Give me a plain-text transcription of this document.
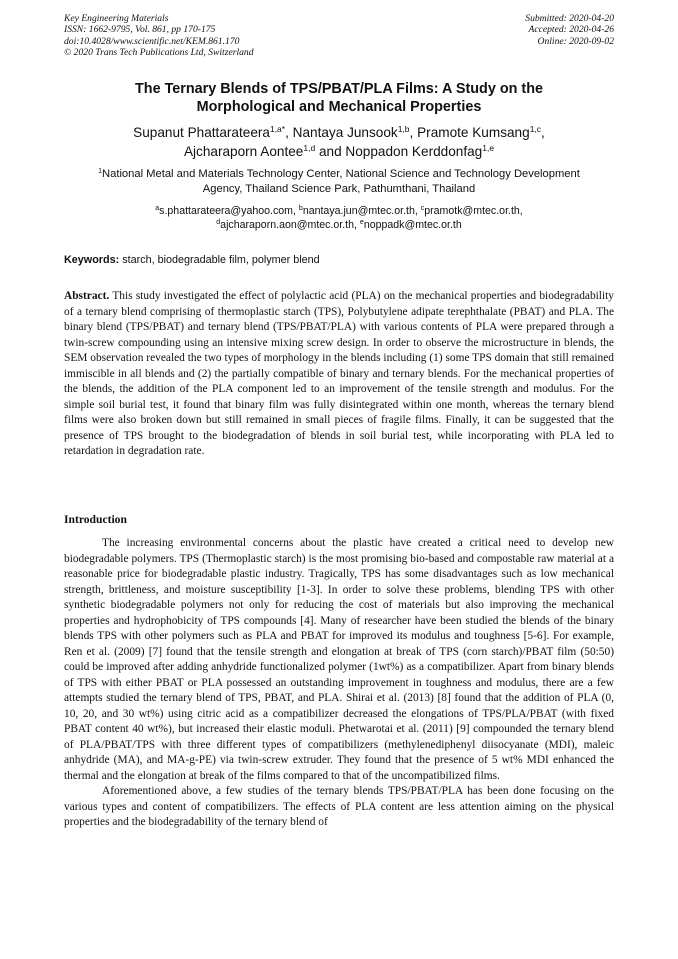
Key Engineering Materials
ISSN: 1662-9795, Vol. 861, pp 170-175
doi:10.4028/www.scientific.net/KEM.861.170
© 2020 Trans Tech Publications Ltd, Switzerland
Submitted: 2020-04-20
Accepted: 2020-04-26
Online: 2020-09-02
The Ternary Blends of TPS/PBAT/PLA Films: A Study on the
Morphological and Mechanical Properties
Supanut Phattarateera$^{1,a*}$, Nantaya Junsook$^{1,b}$, Pramote Kumsang$^{1,c}$,
Ajcharaporn Aontee$^{1,d}$ and Noppadon Kerddonfag$^{1,e}$
$^1$National Metal and Materials Technology Center, National Science and Technology Development
Agency, Thailand Science Park, Pathumthani, Thailand
$^a$s.phattarateera@yahoo.com, $^b$nantaya.jun@mtec.or.th, $^c$pramotk@mtec.or.th,
$^d$ajcharaporn.aon@mtec.or.th, $^e$noppadk@mtec.or.th
Keywords: starch, biodegradable film, polymer blend

Abstract. This study investigated the effect of polylactic acid (PLA) on the mechanical properties and biodegradability of a ternary blend comprising of thermoplastic starch (TPS), Polybutylene adipate terephthalate (PBAT) and PLA. The binary blend (TPS/PBAT) and ternary blend (TPS/PBAT/PLA) with various contents of PLA were prepared through a twin-screw compounding using an intensive mixing screw design. In order to observe the microstructure in blends, the SEM observation revealed the two types of morphology in the blends including (1) some TPS domain that still remained immiscible in all blends and (2) the partially compatible of binary and ternary blends. For the mechanical properties of the blends, the addition of the PLA component led to an improvement of the tensile strength and modulus. For the simple soil burial test, it found that binary film was fully disintegrated within one month, whereas the ternary blend films were also broken down but still remained in small pieces of fragile films. Finally, it can be suggested that the presence of TPS brought to the biodegradation of blends in soil burial test, while incorporating with PLA led to retardation in degradation rate.

Introduction

The increasing environmental concerns about the plastic have created a critical need to develop new biodegradable polymers. TPS (Thermoplastic starch) is the most promising bio-based and compostable raw material at a reasonable price for biodegradable plastic industry. Tragically, TPS has some disadvantages such as low mechanical strength, brittleness, and moisture susceptibility [1-3]. In order to solve these problems, blending TPS with other synthetic biodegradable polymers not only for reducing the cost of materials but also improving the mechanical properties and hydrophobicity of TPS compounds [4]. Many of researcher have been studied the blends of the binary blends TPS with other polymers such as PLA and PBAT for improved its modulus and toughness [5-6]. For example, Ren et al. (2009) [7] found that the tensile strength and elongation at break of TPS (corn starch)/PBAT film (50:50) could be improved after adding anhydride functionalized polymer (1wt%) as a compatibilizer. Apart from binary blends of TPS with either PBAT or PLA possessed an outstanding improvement in toughness and modulus, there are a few attempts studied the ternary blend of TPS, PBAT, and PLA. Shirai et al. (2013) [8] found that the addition of PLA (0, 10, 20, and 30 wt%) using citric acid as a compatibilizer decreased the elongations of TPS/PLA/PBAT (with fixed PBAT content 40 wt%), but increased their elastic moduli. Phetwarotai et al. (2011) [9] compounded the ternary blend of PLA/PBAT/TPS with three different types of compatibilizers (methylenediphenyl diisocyanate (MDI), maleic anhydride (MA), and MA-g-PE) via twin-screw extruder. They found that the presence of 5 wt% MDI enhanced the thermal and the elongation at break of the films compared to that of the uncompatibilized films.

Aforementioned above, a few studies of the ternary blends TPS/PBAT/PLA has been done focusing on the various types and content of compatibilizers. The effects of PLA content are less attention aiming on the physical properties and the biodegradability of the ternary blend of
